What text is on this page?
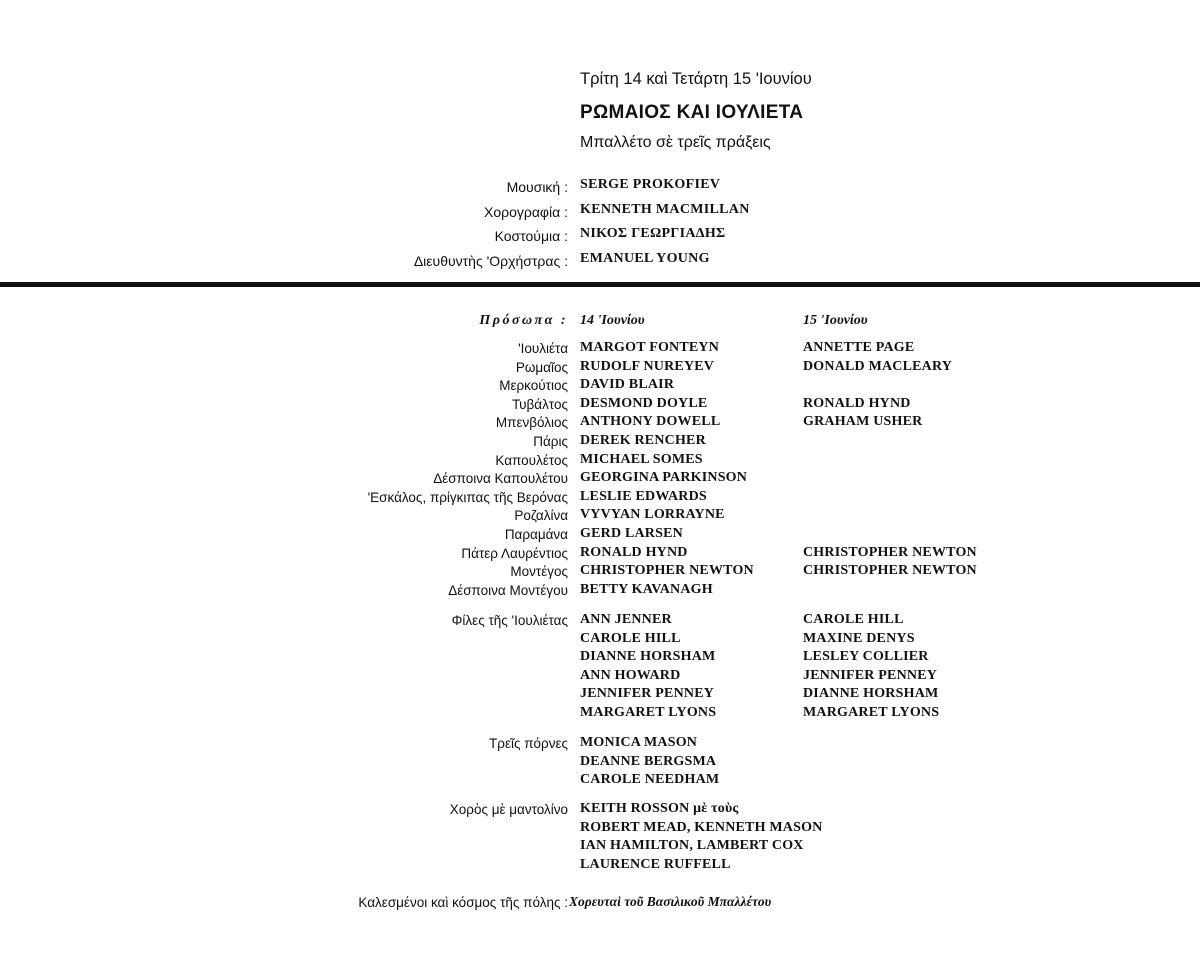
Τρίτη 14 καὶ Τετάρτη 15 'Ιουνίου
ΡΩΜΑΙΟΣ ΚΑΙ ΙΟΥΛΙΕΤΑ
Μπαλλέτο σὲ τρεῖς πράξεις
Μουσική : SERGE PROKOFIEV
Χορογραφία : KENNETH MACMILLAN
Κοστούμια : ΝΙΚΟΣ ΓΕΩΡΓΙΑΔΗΣ
Διευθυντὴς 'Ορχήστρας : EMANUEL YOUNG
Πρόσωπα : 14 'Ιουνίου	15 'Ιουνίου
'Ιουλιέτα MARGOT FONTEYN	ANNETTE PAGE
Ρωμαῖος RUDOLF NUREYEV	DONALD MACLEARY
Μερκούτιος DAVID BLAIR
Τυβάλτος DESMOND DOYLE	RONALD HYND
Μπενβόλιος ANTHONY DOWELL	GRAHAM USHER
Πάρις DEREK RENCHER
Καπουλέτος MICHAEL SOMES
Δέσποινα Καπουλέτου GEORGINA PARKINSON
'Εσκάλος, πρίγκιπας τῆς Βερόνας LESLIE EDWARDS
Ροζαλίνα VYVYAN LORRAYNE
Παραμάνα GERD LARSEN
Πάτερ Λαυρέντιος RONALD HYND	CHRISTOPHER NEWTON
Μοντέγος CHRISTOPHER NEWTON	CHRISTOPHER NEWTON
Δέσποινα Μοντέγου BETTY KAVANAGH
Φίλες τῆς 'Ιουλιέτας ANN JENNER	CAROLE HILL
CAROLE HILL	MAXINE DENYS
DIANNE HORSHAM	LESLEY COLLIER
ANN HOWARD	JENNIFER PENNEY
JENNIFER PENNEY	DIANNE HORSHAM
MARGARET LYONS	MARGARET LYONS
Τρεῖς πόρνες MONICA MASON
DEANNE BERGSMA
CAROLE NEEDHAM
Χορὸς μὲ μαντολίνο KEITH ROSSON μὲ τοὺς
ROBERT MEAD, KENNETH MASON
IAN HAMILTON, LAMBERT COX
LAURENCE RUFFELL
Καλεσμένοι καὶ κόσμος τῆς πόλης : Χορευταὶ τοῦ Βασιλικοῦ Μπαλλέτου
